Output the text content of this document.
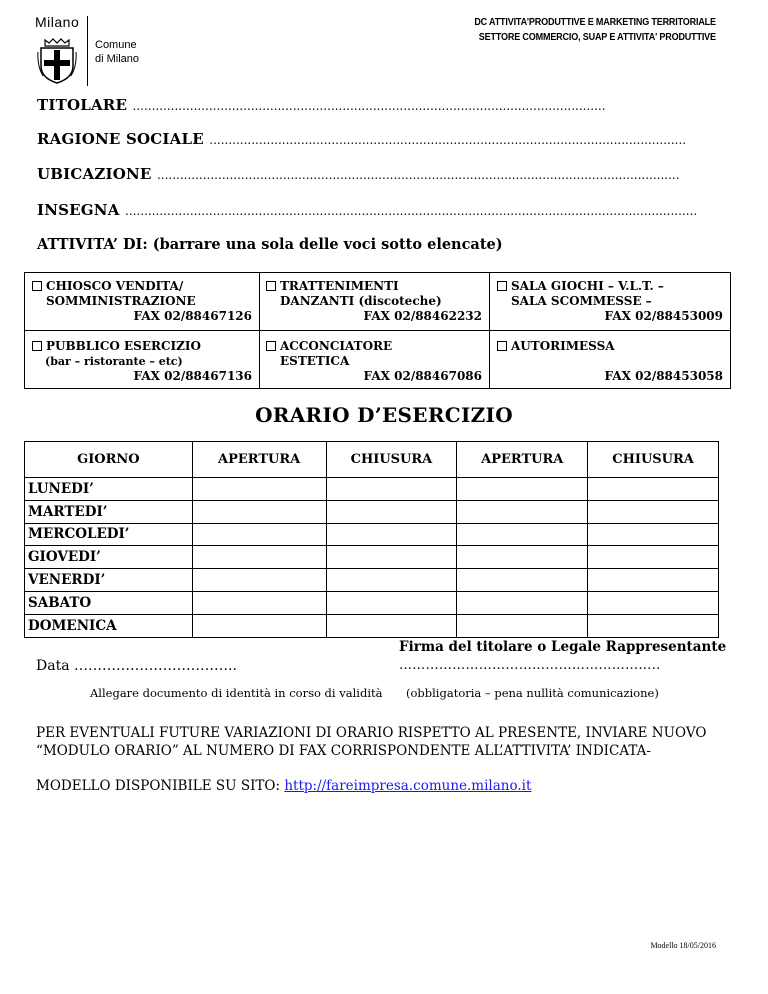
Milano
Comune
di Milano
DC ATTIVITA'PRODUTTIVE E MARKETING TERRITORIALE
SETTORE COMMERCIO, SUAP E ATTIVITA' PRODUTTIVE
TITOLARE ............................................................................................................................
RAGIONE SOCIALE .............................................................................................................................
UBICAZIONE .........................................................................................................................................
INSEGNA ......................................................................................................................................................
ATTIVITA’ DI: (barrare una sola delle voci sotto elencate)
CHIOSCO VENDITA/
SOMMINISTRAZIONE
FAX 02/88467126
TRATTENIMENTI
DANZANTI (discoteche)
FAX 02/88462232
SALA GIOCHI – V.L.T. –
SALA SCOMMESSE –
FAX 02/88453009
PUBBLICO ESERCIZIO
(bar – ristorante – etc)
FAX 02/88467136
ACCONCIATORE
ESTETICA
FAX 02/88467086
AUTORIMESSA

FAX 02/88453058
ORARIO D’ESERCIZIO
GIORNO	APERTURA	CHIUSURA	APERTURA	CHIUSURA
LUNEDI’				
MARTEDI’				
MERCOLEDI’				
GIOVEDI’				
VENERDI’				
SABATO				
DOMENICA				
Firma del titolare o Legale Rappresentante
…………………………………………………..
Data ……………………………..
Allegare documento di identità in corso di validità (obbligatoria – pena nullità comunicazione)
PER EVENTUALI FUTURE VARIAZIONI DI ORARIO RISPETTO AL PRESENTE, INVIARE NUOVO “MODULO ORARIO” AL NUMERO DI FAX CORRISPONDENTE ALL’ATTIVITA’ INDICATA-
MODELLO DISPONIBILE SU SITO: http://fareimpresa.comune.milano.it
Modello 18/05/2016
